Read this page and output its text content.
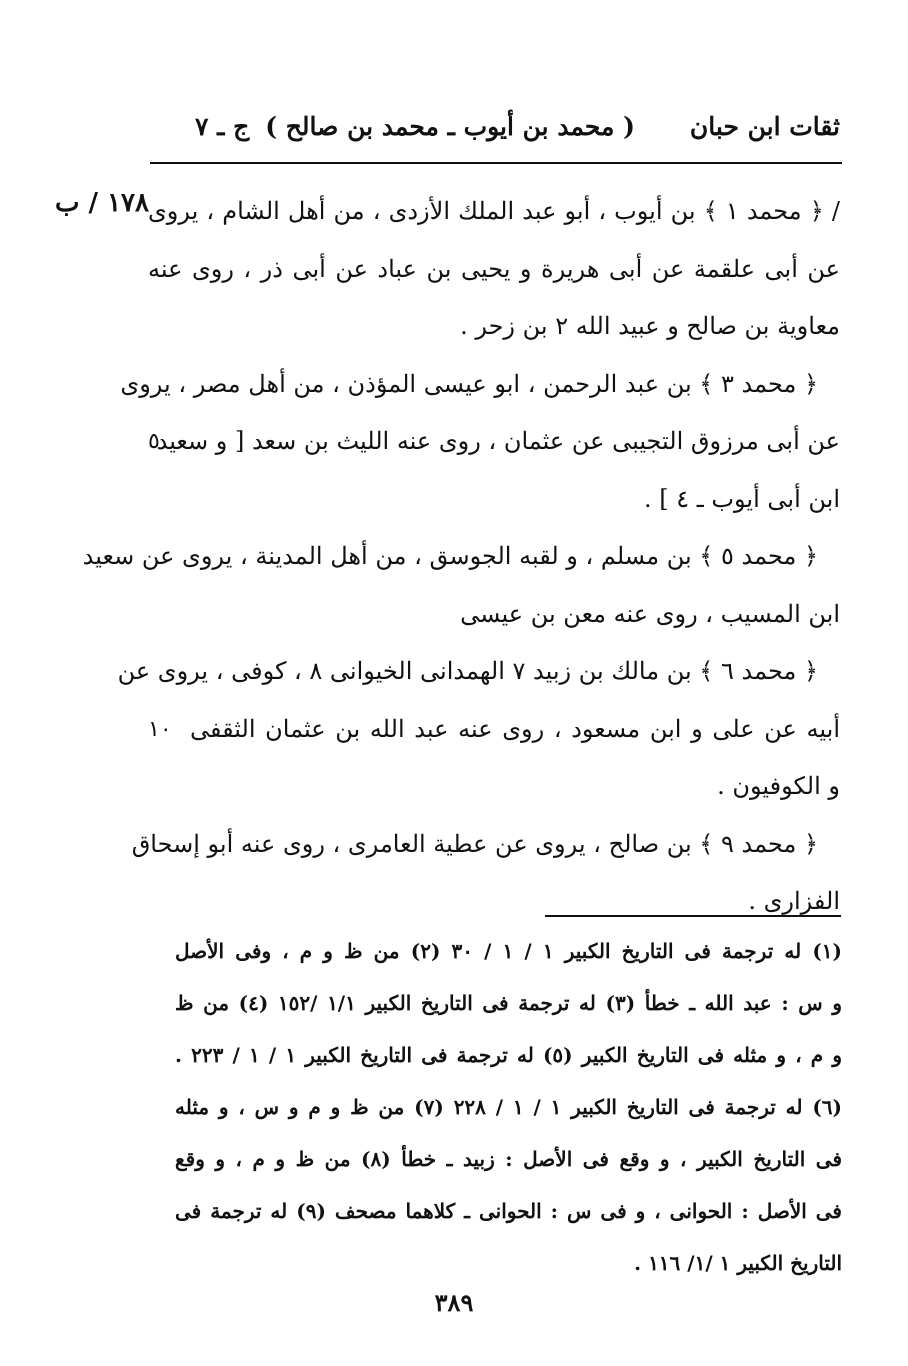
ثقات ابن حبان
( محمد بن أيوب ـ محمد بن صالح )
ج ـ ٧
١٧٨ / ب / ﴿ محمد ١ ﴾ بن أيوب ، أبو عبد الملك الأزدى ، من أهل الشام ، يروى
عن أبى علقمة عن أبى هريرة و يحيى بن عباد عن أبى ذر ، روى عنه
معاوية بن صالح و عبيد الله ٢ بن زحر .
﴿ محمد ٣ ﴾ بن عبد الرحمن ، ابو عيسى المؤذن ، من أهل مصر ، يروى
عن أبى مرزوق التجيبى عن عثمان ، روى عنه الليث بن سعد [ و سعيد
٥
ابن أبى أيوب ـ ٤ ] .
﴿ محمد ٥ ﴾ بن مسلم ، و لقبه الجوسق ، من أهل المدينة ، يروى عن سعيد
ابن المسيب ، روى عنه معن بن عيسى
﴿ محمد ٦ ﴾ بن مالك بن زبيد ٧ الهمدانى الخيوانى ٨ ، كوفى ، يروى عن
أبيه عن على و ابن مسعود ، روى عنه عبد الله بن عثمان الثقفى
١٠
و الكوفيون .
﴿ محمد ٩ ﴾ بن صالح ، يروى عن عطية العامرى ، روى عنه أبو إسحاق
الفزارى .
(١) له ترجمة فى التاريخ الكبير ١ / ١ / ٣٠ (٢) من ظ و م ، وفى الأصل
و س : عبد الله ـ خطأ (٣) له ترجمة فى التاريخ الكبير ١/١ /١٥٢ (٤) من ظ
و م ، و مثله فى التاريخ الكبير (٥) له ترجمة فى التاريخ الكبير ١ / ١ / ٢٢٣ .
(٦) له ترجمة فى التاريخ الكبير ١ / ١ / ٢٢٨ (٧) من ظ و م و س ، و مثله
فى التاريخ الكبير ، و وقع فى الأصل : زبيد ـ خطأ (٨) من ظ و م ، و وقع
فى الأصل : الحوانى ، و فى س : الحوانى ـ كلاهما مصحف (٩) له ترجمة فى
التاريخ الكبير ١ /١/ ١١٦ .
٣٨٩
